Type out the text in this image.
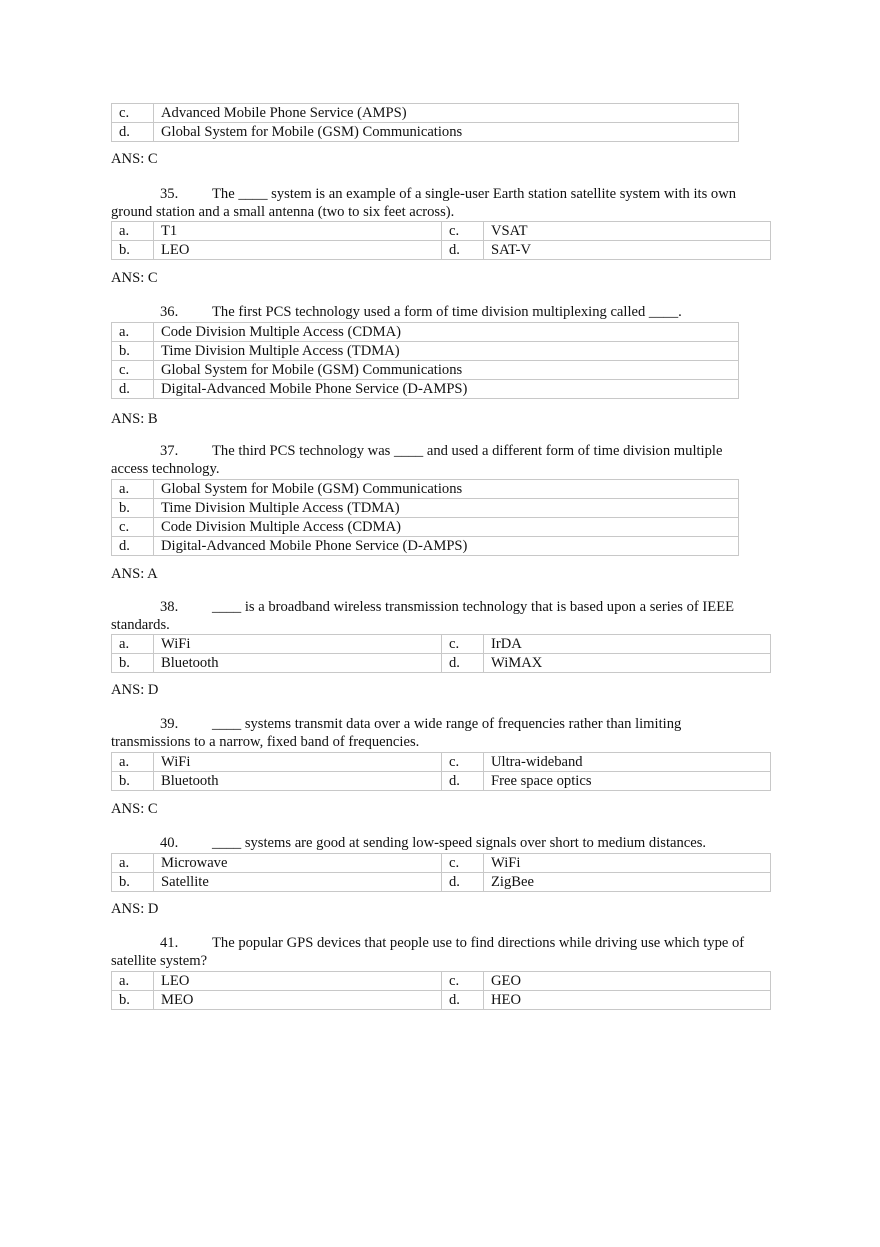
c.	Advanced Mobile Phone Service (AMPS)
d.	Global System for Mobile (GSM) Communications
ANS: C
35. The ____ system is an example of a single-user Earth station satellite system with its own ground station and a small antenna (two to six feet across).
a.	T1	c.	VSAT
b.	LEO	d.	SAT-V
ANS: C
36. The first PCS technology used a form of time division multiplexing called ____.
a.	Code Division Multiple Access (CDMA)
b.	Time Division Multiple Access (TDMA)
c.	Global System for Mobile (GSM) Communications
d.	Digital-Advanced Mobile Phone Service (D-AMPS)
ANS: B
37. The third PCS technology was ____ and used a different form of time division multiple access technology.
a.	Global System for Mobile (GSM) Communications
b.	Time Division Multiple Access (TDMA)
c.	Code Division Multiple Access (CDMA)
d.	Digital-Advanced Mobile Phone Service (D-AMPS)
ANS: A
38. ____ is a broadband wireless transmission technology that is based upon a series of IEEE standards.
a.	WiFi	c.	IrDA
b.	Bluetooth	d.	WiMAX
ANS: D
39. ____ systems transmit data over a wide range of frequencies rather than limiting transmissions to a narrow, fixed band of frequencies.
a.	WiFi	c.	Ultra-wideband
b.	Bluetooth	d.	Free space optics
ANS: C
40. ____ systems are good at sending low-speed signals over short to medium distances.
a.	Microwave	c.	WiFi
b.	Satellite	d.	ZigBee
ANS: D
41. The popular GPS devices that people use to find directions while driving use which type of satellite system?
a.	LEO	c.	GEO
b.	MEO	d.	HEO
